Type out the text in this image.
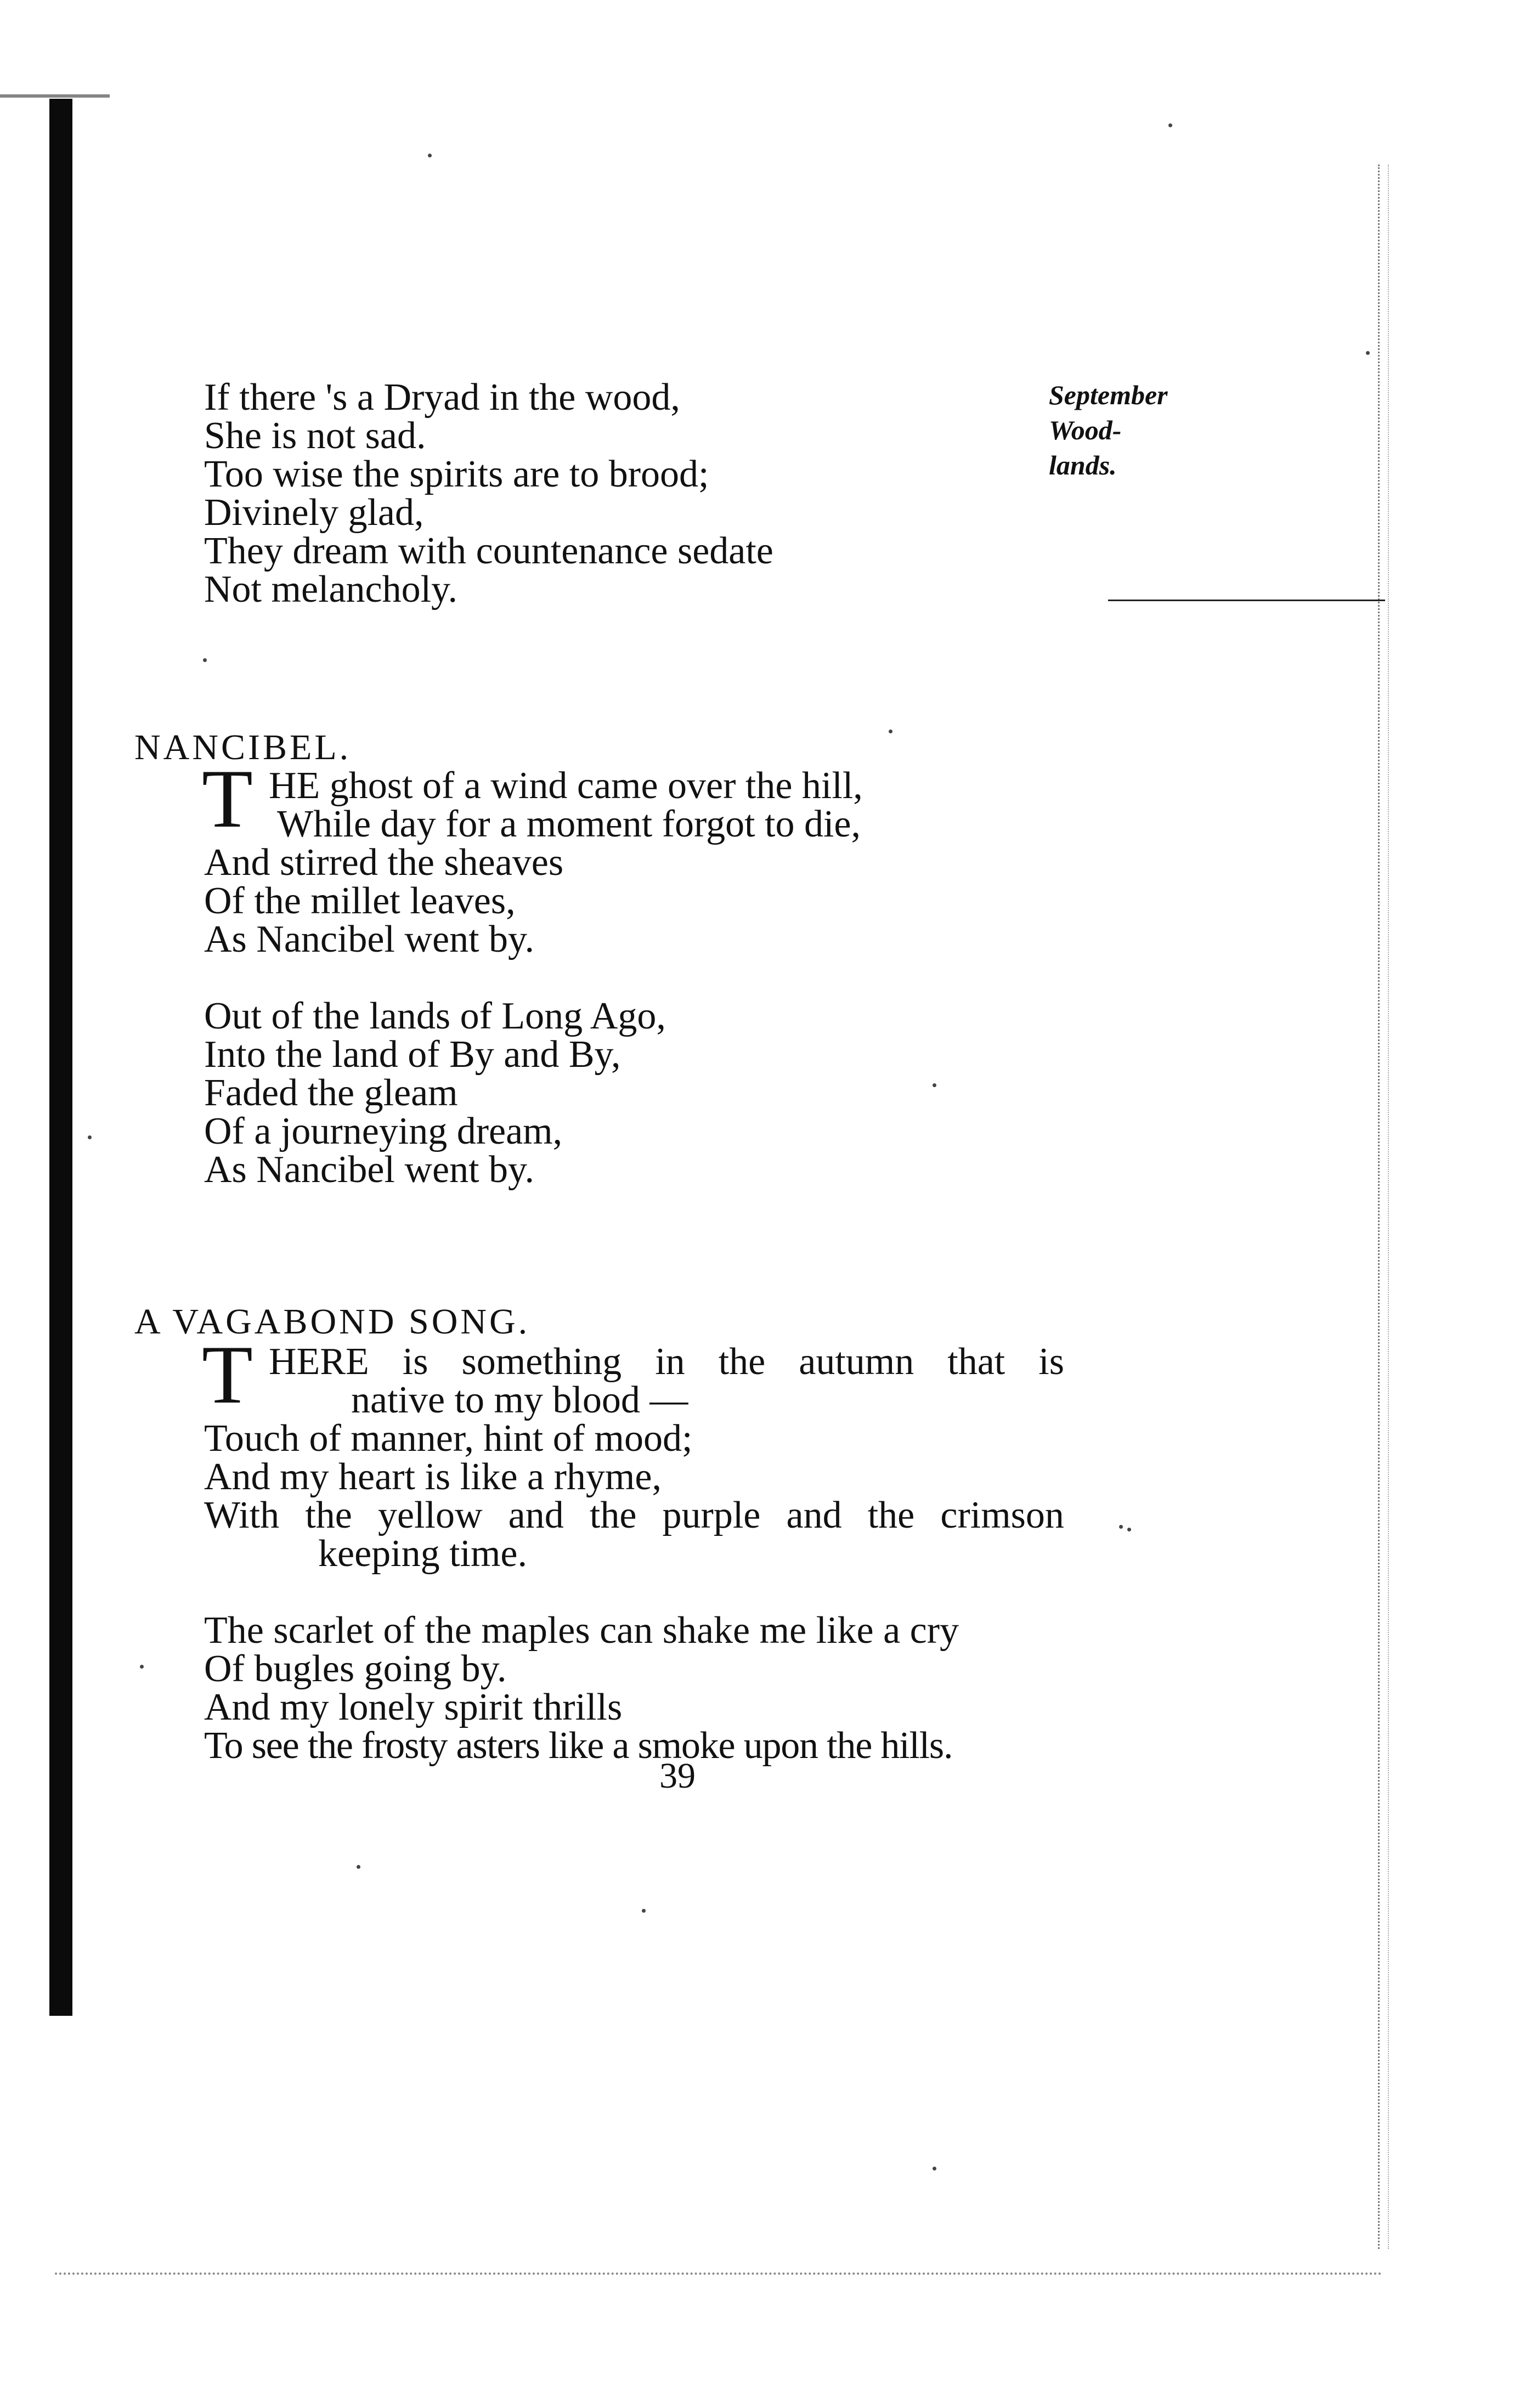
September
Wood-
lands.
If there 's a Dryad in the wood,
She is not sad.
Too wise the spirits are to brood;
Divinely glad,
They dream with countenance sedate
Not melancholy.
NANCIBEL.
T HE ghost of a wind came over the hill,
While day for a moment forgot to die,
And stirred the sheaves
Of the millet leaves,
As Nancibel went by.
Out of the lands of Long Ago,
Into the land of By and By,
Faded the gleam
Of a journeying dream,
As Nancibel went by.
A VAGABOND SONG.
T HERE is something in the autumn that is
native to my blood —
Touch of manner, hint of mood;
And my heart is like a rhyme,
With the yellow and the purple and the crimson
keeping time.
The scarlet of the maples can shake me like a cry
Of bugles going by.
And my lonely spirit thrills
To see the frosty asters like a smoke upon the hills.
39
